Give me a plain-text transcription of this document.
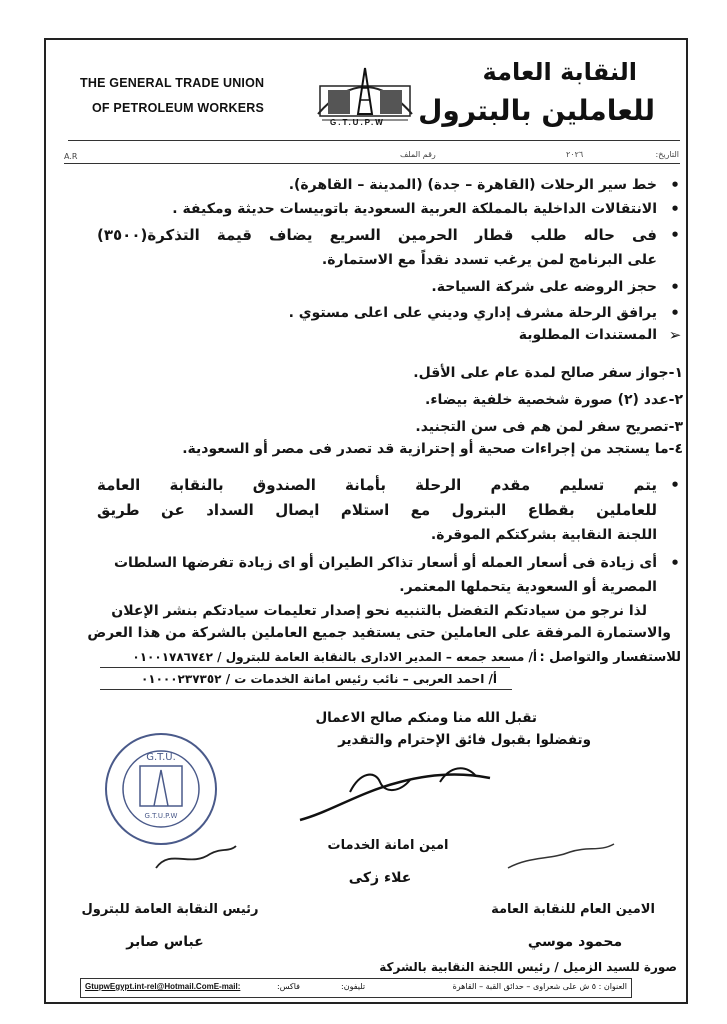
THE GENERAL TRADE UNION
OF PETROLEUM WORKERS
G.T.U.P.W
النقابة العامة
للعاملين بالبترول
التاريخ:
٢٠٢٦
رقم الملف
A.R
•
خط سير الرحلات (القاهرة – جدة) (المدينة – القاهرة).
•
الانتقالات الداخلية بالمملكة العربية السعودية باتوبيسات حديثة ومكيفة .
•
فى حاله طلب قطار الحرمين السريع يضاف قيمة التذكرة(٣٥٠٠)
على البرنامج لمن يرغب تسدد نقداً مع الاستمارة.
•
حجز الروضه على شركة السياحة.
•
يرافق الرحلة مشرف إداري وديني على اعلى مستوي .
➢
المستندات المطلوبة
١-جواز سفر صالح لمدة عام على الأقل.
٢-عدد (٢) صورة شخصية خلفية بيضاء.
٣-تصريح سفر لمن هم فى سن التجنيد.
٤-ما يستجد من إجراءات صحية أو إحترازية قد تصدر فى مصر أو السعودية.
•
يتم تسليم مقدم الرحلة بأمانة الصندوق بالنقابة العامة
للعاملين بقطاع البترول مع استلام ايصال السداد عن طريق
اللجنة النقابية بشركتكم الموقرة.
•
أى زيادة فى أسعار العمله أو أسعار تذاكر الطيران أو اى زيادة تفرضها السلطات
المصرية أو السعودية يتحملها المعتمر.
لذا نرجو من سيادتكم التفضل بالتنبيه نحو إصدار تعليمات سيادتكم بنشر الإعلان
والاستمارة المرفقة على العاملين حتى يستفيد جميع العاملين بالشركة من هذا العرض
للاستفسار والتواصل :
أ/ مسعد جمعه – المدير الادارى بالنقابة العامة للبترول / ٠١٠٠١٧٨٦٧٤٢
أ/ احمد العربى – نائب رئيس امانة الخدمات ت / ٠١٠٠٠٢٣٧٣٥٢
تقبل الله منا ومنكم صالح الاعمال
وتفضلوا بقبول فائق الإحترام والتقدير
G.T.U.
G.T.U.P.W
امين امانة الخدمات
علاء زكى
رئيس النقابة العامة للبترول
عباس صابر
الامين العام للنقابة العامة
محمود موسي
صورة للسيد الزميل / رئيس اللجنة النقابية بالشركة
العنوان : ٥ ش على شعراوى – حدائق القبة – القاهرة
تليفون:
فاكس:
GtupwEgypt.int-rel@Hotmail.ComE-mail:
